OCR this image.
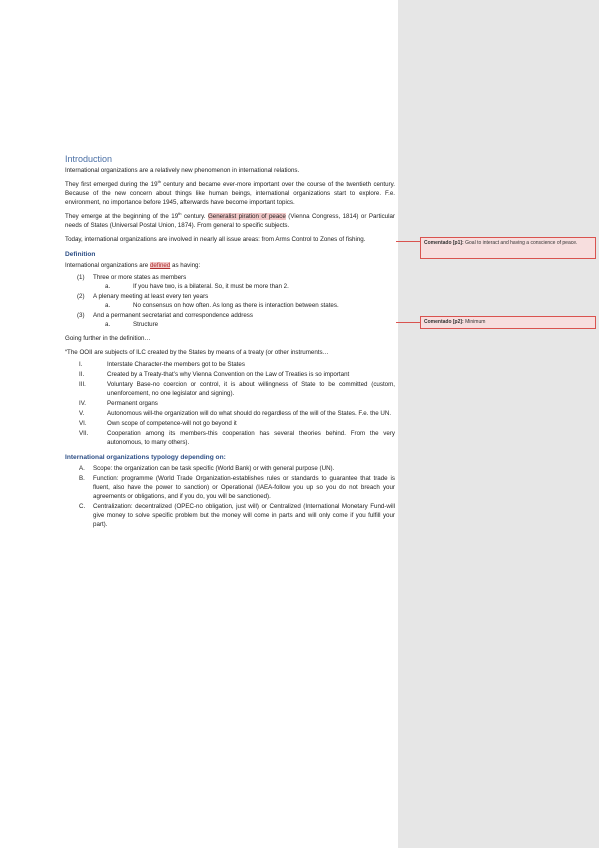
Introduction

International organizations are a relatively new phenomenon in international relations.

They first emerged during the 19th century and became ever-more important over the course of the twentieth century. Because of the new concern about things like human beings, international organizations start to explore. F.e. environment, no importance before 1945, afterwards have become important topics.

They emerge at the beginning of the 19th century. Generalist piration of peace (Vienna Congress, 1814) or Particular needs of States (Universal Postal Union, 1874). From general to specific subjects.

Today, international organizations are involved in nearly all issue areas: from Arms Control to Zones of fishing.

Definition

International organizations are defined as having:

(1) Three or more states as members
a.	If you have two, is a bilateral. So, it must be more than 2.
(2) A plenary meeting at least every ten years
a.	No consensus on how often. As long as there is interaction between states.
(3) And a permanent secretariat and correspondence address
a.	Structure

Going further in the definition…

“The OOII are subjects of ILC created by the States by means of a treaty (or other instruments…

I.	Interstate Character-the members got to be States
II.	Created by a Treaty-that’s why Vienna Convention on the Law of Treaties is so important
III.	Voluntary Base-no coercion or control, it is about willingness of State to be committed (custom, unenforcement, no one legislator and signing).
IV.	Permanent organs
V.	Autonomous will-the organization will do what should do regardless of the will of the States. F.e. the UN.
VI.	Own scope of competence-will not go beyond it
VII.	Cooperation among its members-this cooperation has several theories behind. From the very autonomous, to many others).
International organizations typology depending on:
A. Scope: the organization can be task specific (World Bank) or with general purpose (UN).
B. Function: programme (World Trade Organization-establishes rules or standards to guarantee that trade is fluent, also have the power to sanction) or Operational (IAEA-follow you up so you do not breach your agreements or obligations, and if you do, you will be sanctioned).
C. Centralization: decentralized (OPEC-no obligation, just will) or Centralized (International Monetary Fund-will give money to solve specific problem but the money will come in parts and will only come if you fulfill your part).
Comentado [p1]: Goal to interact and having a conscience of peace.
Comentado [p2]: Minimum
